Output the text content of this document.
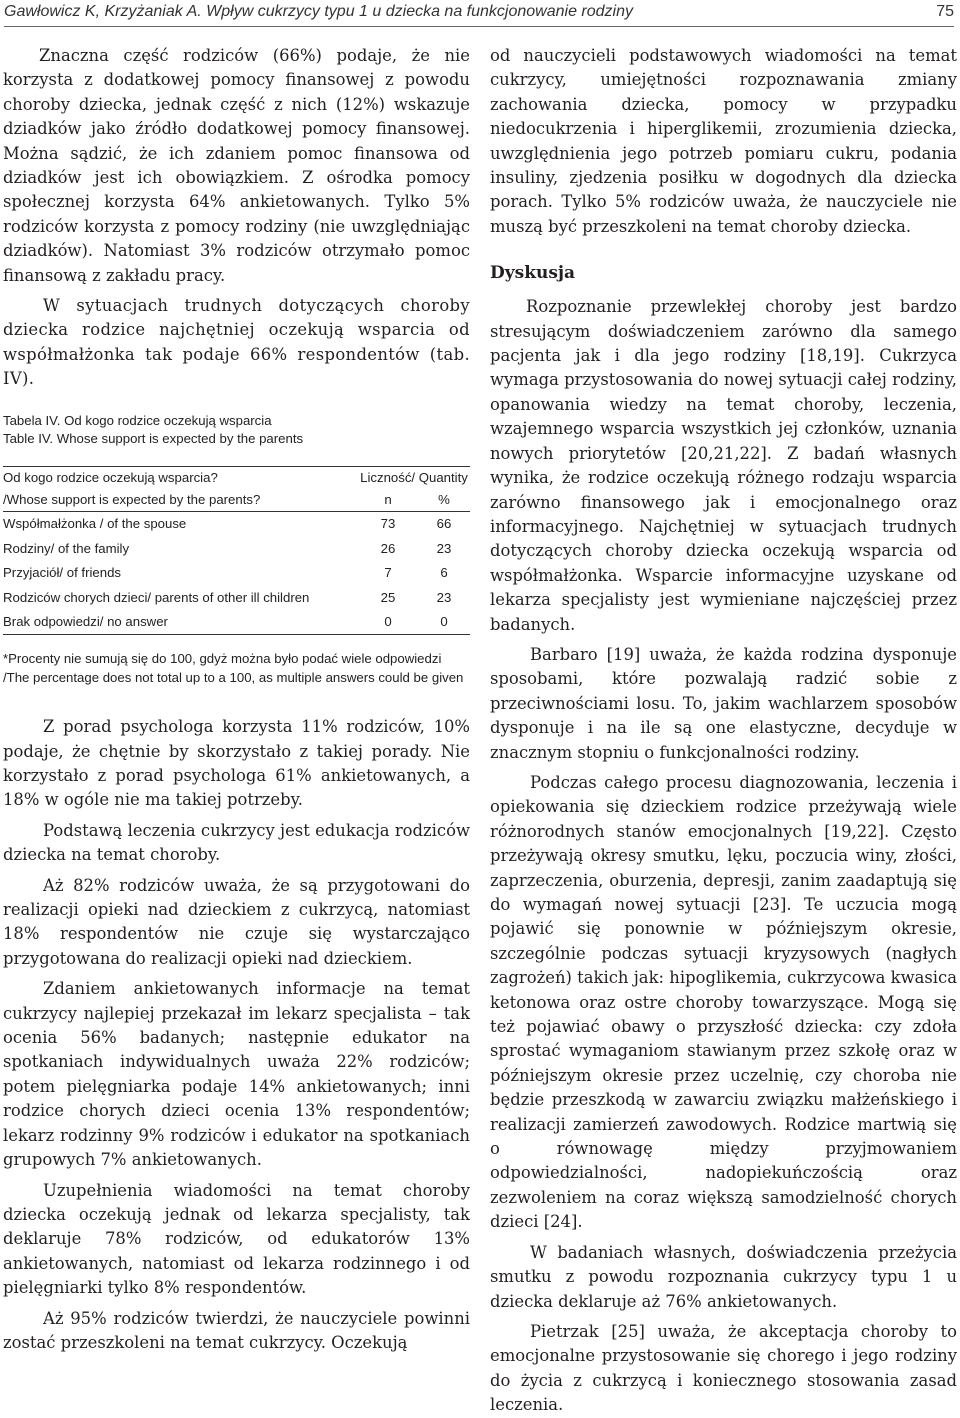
Gawłowicz K, Krzyżaniak A. Wpływ cukrzycy typu 1 u dziecka na funkcjonowanie rodziny	75

Znaczna część rodziców (66%) podaje, że nie korzysta z dodatkowej pomocy finansowej z powodu choroby dziecka, jednak część z nich (12%) wskazuje dziadków jako źródło dodatkowej pomocy finansowej. Można sądzić, że ich zdaniem pomoc finansowa od dziadków jest ich obowiązkiem. Z ośrodka pomocy społecznej korzysta 64% ankietowanych. Tylko 5% rodziców korzysta z pomocy rodziny (nie uwzględniając dziadków). Natomiast 3% rodziców otrzymało pomoc finansową z zakładu pracy.

W sytuacjach trudnych dotyczących choroby dziecka rodzice najchętniej oczekują wsparcia od współmałżonka tak podaje 66% respondentów (tab. IV).

Tabela IV. Od kogo rodzice oczekują wsparcia
Table IV. Whose support is expected by the parents
Od kogo rodzice oczekują wsparcia?	Liczność/ Quantity	
/Whose support is expected by the parents?	n	%
Współmałżonka / of the spouse	73	66
Rodziny/ of the family	26	23
Przyjaciół/ of friends	7	6
Rodziców chorych dzieci/ parents of other ill children	25	23
Brak odpowiedzi/ no answer	0	0
*Procenty nie sumują się do 100, gdyż można było podać wiele odpowiedzi
/The percentage does not total up to a 100, as multiple answers could be given

Z porad psychologa korzysta 11% rodziców, 10% podaje, że chętnie by skorzystało z takiej porady. Nie korzystało z porad psychologa 61% ankietowanych, a 18% w ogóle nie ma takiej potrzeby.

Podstawą leczenia cukrzycy jest edukacja rodziców dziecka na temat choroby.

Aż 82% rodziców uważa, że są przygotowani do realizacji opieki nad dzieckiem z cukrzycą, natomiast 18% respondentów nie czuje się wystarczająco przygotowana do realizacji opieki nad dzieckiem.

Zdaniem ankietowanych informacje na temat cukrzycy najlepiej przekazał im lekarz specjalista – tak ocenia 56% badanych; następnie edukator na spotkaniach indywidualnych uważa 22% rodziców; potem pielęgniarka podaje 14% ankietowanych; inni rodzice chorych dzieci ocenia 13% respondentów; lekarz rodzinny 9% rodziców i edukator na spotkaniach grupowych 7% ankietowanych.

Uzupełnienia wiadomości na temat choroby dziecka oczekują jednak od lekarza specjalisty, tak deklaruje 78% rodziców, od edukatorów 13% ankietowanych, natomiast od lekarza rodzinnego i od pielęgniarki tylko 8% respondentów.

Aż 95% rodziców twierdzi, że nauczyciele powinni zostać przeszkoleni na temat cukrzycy. Oczekują

od nauczycieli podstawowych wiadomości na temat cukrzycy, umiejętności rozpoznawania zmiany zachowania dziecka, pomocy w przypadku niedocukrzenia i hiperglikemii, zrozumienia dziecka, uwzględnienia jego potrzeb pomiaru cukru, podania insuliny, zjedzenia posiłku w dogodnych dla dziecka porach. Tylko 5% rodziców uważa, że nauczyciele nie muszą być przeszkoleni na temat choroby dziecka.

Dyskusja

Rozpoznanie przewlekłej choroby jest bardzo stresującym doświadczeniem zarówno dla samego pacjenta jak i dla jego rodziny [18,19]. Cukrzyca wymaga przystosowania do nowej sytuacji całej rodziny, opanowania wiedzy na temat choroby, leczenia, wzajemnego wsparcia wszystkich jej członków, uznania nowych priorytetów [20,21,22]. Z badań własnych wynika, że rodzice oczekują różnego rodzaju wsparcia zarówno finansowego jak i emocjonalnego oraz informacyjnego. Najchętniej w sytuacjach trudnych dotyczących choroby dziecka oczekują wsparcia od współmałżonka. Wsparcie informacyjne uzyskane od lekarza specjalisty jest wymieniane najczęściej przez badanych.

Barbaro [19] uważa, że każda rodzina dysponuje sposobami, które pozwalają radzić sobie z przeciwnościami losu. To, jakim wachlarzem sposobów dysponuje i na ile są one elastyczne, decyduje w znacznym stopniu o funkcjonalności rodziny.

Podczas całego procesu diagnozowania, leczenia i opiekowania się dzieckiem rodzice przeżywają wiele różnorodnych stanów emocjonalnych [19,22]. Często przeżywają okresy smutku, lęku, poczucia winy, złości, zaprzeczenia, oburzenia, depresji, zanim zaadaptują się do wymagań nowej sytuacji [23]. Te uczucia mogą pojawić się ponownie w późniejszym okresie, szczególnie podczas sytuacji kryzysowych (nagłych zagrożeń) takich jak: hipoglikemia, cukrzycowa kwasica ketonowa oraz ostre choroby towarzyszące. Mogą się też pojawiać obawy o przyszłość dziecka: czy zdoła sprostać wymaganiom stawianym przez szkołę oraz w późniejszym okresie przez uczelnię, czy choroba nie będzie przeszkodą w zawarciu związku małżeńskiego i realizacji zamierzeń zawodowych. Rodzice martwią się o równowagę między przyjmowaniem odpowiedzialności, nadopiekuńczością oraz zezwoleniem na coraz większą samodzielność chorych dzieci [24].

W badaniach własnych, doświadczenia przeżycia smutku z powodu rozpoznania cukrzycy typu 1 u dziecka deklaruje aż 76% ankietowanych.

Pietrzak [25] uważa, że akceptacja choroby to emocjonalne przystosowanie się chorego i jego rodziny do życia z cukrzycą i koniecznego stosowania zasad leczenia.
